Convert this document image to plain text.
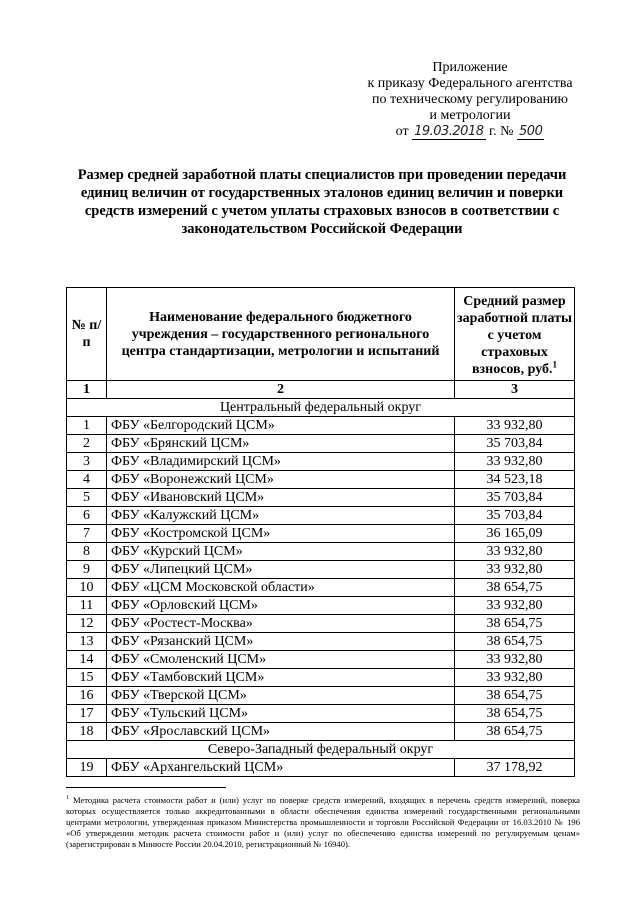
Приложение
к приказу Федерального агентства
по техническому регулированию
и метрологии
от 19.03.2018 г. № 500
Размер средней заработной платы специалистов при проведении передачи единиц величин от государственных эталонов единиц величин и поверки средств измерений с учетом уплаты страховых взносов в соответствии с законодательством Российской Федерации
№ п/п	Наименование федерального бюджетного учреждения – государственного регионального центра стандартизации, метрологии и испытаний	Средний размер заработной платы с учетом страховых взносов, руб.$^1$
1	2	3
Центральный федеральный округ		
1	ФБУ «Белгородский ЦСМ»	33 932,80
2	ФБУ «Брянский ЦСМ»	35 703,84
3	ФБУ «Владимирский ЦСМ»	33 932,80
4	ФБУ «Воронежский ЦСМ»	34 523,18
5	ФБУ «Ивановский ЦСМ»	35 703,84
6	ФБУ «Калужский ЦСМ»	35 703,84
7	ФБУ «Костромской ЦСМ»	36 165,09
8	ФБУ «Курский ЦСМ»	33 932,80
9	ФБУ «Липецкий ЦСМ»	33 932,80
10	ФБУ «ЦСМ Московской области»	38 654,75
11	ФБУ «Орловский ЦСМ»	33 932,80
12	ФБУ «Ростест-Москва»	38 654,75
13	ФБУ «Рязанский ЦСМ»	38 654,75
14	ФБУ «Смоленский ЦСМ»	33 932,80
15	ФБУ «Тамбовский ЦСМ»	33 932,80
16	ФБУ «Тверской ЦСМ»	38 654,75
17	ФБУ «Тульский ЦСМ»	38 654,75
18	ФБУ «Ярославский ЦСМ»	38 654,75
Северо-Западный федеральный округ		
19	ФБУ «Архангельский ЦСМ»	37 178,92
$^1$ Методика расчета стоимости работ и (или) услуг по поверке средств измерений, входящих в перечень средств измерений, поверка которых осуществляется только аккредитованными в области обеспечения единства измерений государственными региональными центрами метрологии, утвержденная приказом Министерства промышленности и торговли Российской Федерации от 16.03.2010 № 196 «Об утверждении методик расчета стоимости работ и (или) услуг по обеспечению единства измерений по регулируемым ценам» (зарегистрирован в Минюсте России 20.04.2010, регистрационный № 16940).
